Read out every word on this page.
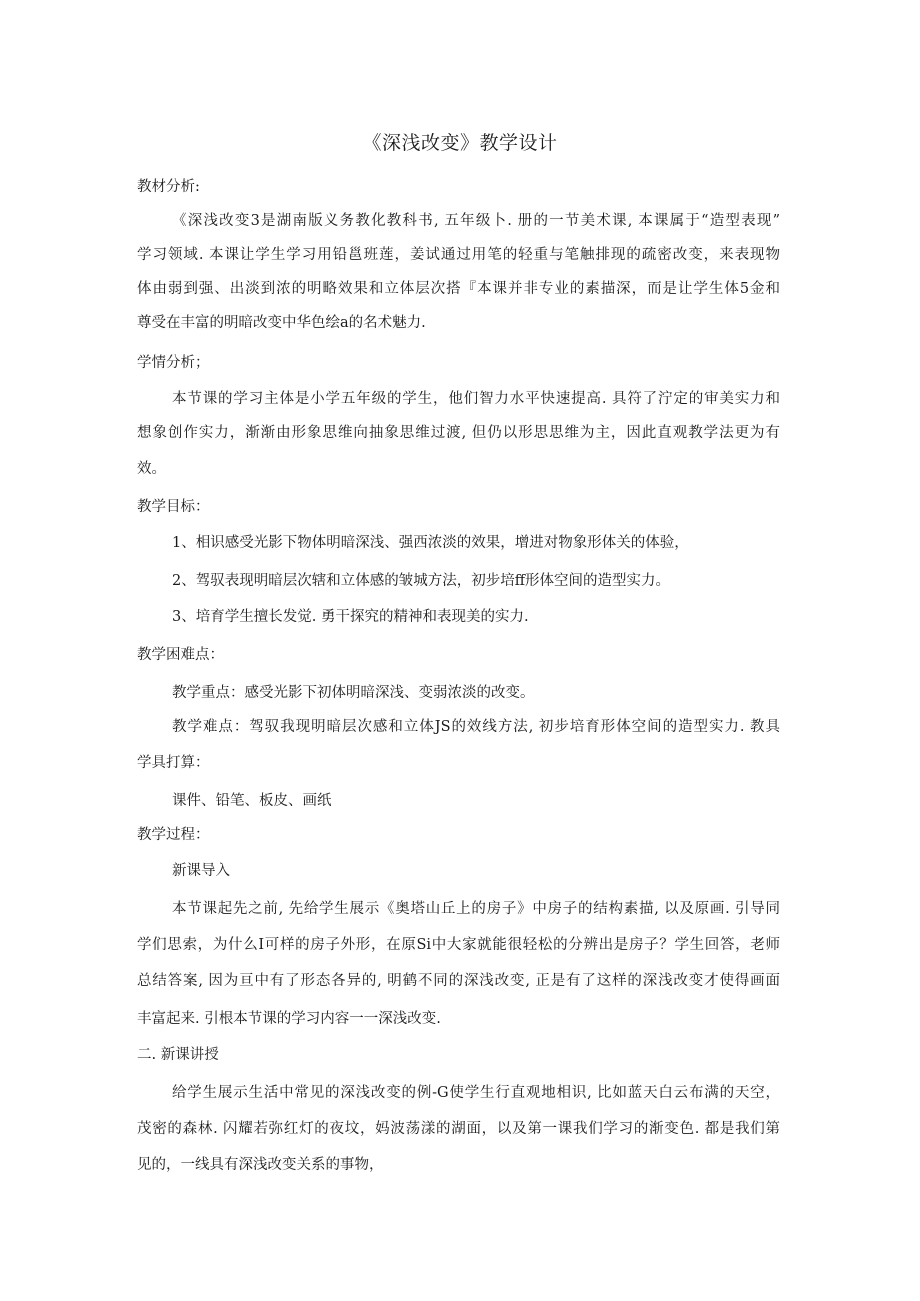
《深浅改变》教学设计
教材分析:
《深浅改变3是湖南版义务教化教科书, 五年级卜. 册的一节美术课, 本课属于“造型表现”
学习领域. 本课让学生学习用铅邕班莲，姜试通过用笔的轻重与笔触排现的疏密改变，来表现物
体由弱到强、出淡到浓的明略效果和立体层次搭『本课并非专业的素描深，而是让学生体5金和
尊受在丰富的明暗改变中华色绘a的名术魅力.
学情分析；
本节课的学习主体是小学五年级的学生，他们智力水平快速提高. 具符了泞定的审美实力和
想象创作实力，渐渐由形象思维向抽象思维过渡, 但仍以形思思维为主，因此直观教学法更为有
效。
教学目标：
1、相识感受光影下物体明暗深浅、强西浓淡的效果，增进对物象形体关的体验，
2、驾驭表现明暗层次辖和立体感的皱城方法，初步培ff形体空间的造型实力。
3、培育学生擅长发觉. 勇干探究的精神和表现美的实力.
教学困难点：
教学重点：感受光影下初体明暗深浅、变弱浓淡的改变。
教学难点：驾驭我现明暗层次感和立体JS的效线方法, 初步培育形体空间的造型实力. 教具
学具打算：
课件、铅笔、板皮、画纸
教学过程：
新课导入
本节课起先之前, 先给学生展示《奥塔山丘上的房子》中房子的结构素描, 以及原画. 引导同
学们思索，为什么I可样的房子外形，在原Si中大家就能很轻松的分辨出是房子？学生回答，老师
总结答案, 因为亘中有了形态各异的, 明鹤不同的深浅改变, 正是有了这样的深浅改变才使得画面
丰富起来. 引根本节课的学习内容一一深浅改变.
二. 新课讲授
给学生展示生活中常见的深浅改变的例-G使学生行直观地相识, 比如蓝天白云布满的天空，
茂密的森林. 闪耀若弥红灯的夜坟，妈波荡漾的湖面，以及第一课我们学习的渐变色. 都是我们第
见的，一线具有深浅改变关系的事物，
